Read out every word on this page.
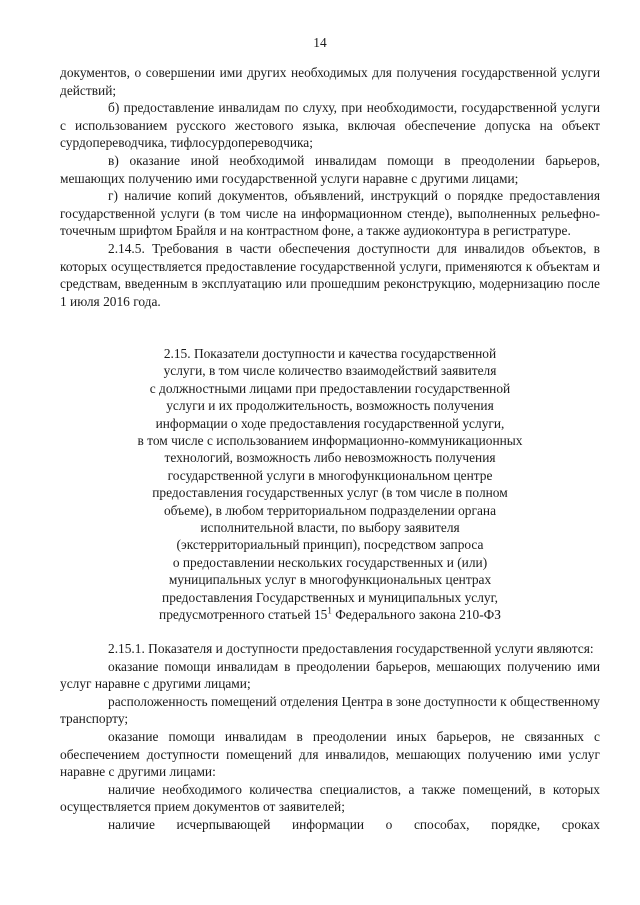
14

документов, о совершении ими других необходимых для получения государственной услуги действий;

б) предоставление инвалидам по слуху, при необходимости, государственной услуги с использованием русского жестового языка, включая обеспечение допуска на объект сурдопереводчика, тифлосурдопереводчика;

в) оказание иной необходимой инвалидам помощи в преодолении барьеров, мешающих получению ими государственной услуги наравне с другими лицами;

г) наличие копий документов, объявлений, инструкций о порядке предоставления государственной услуги (в том числе на информационном стенде), выполненных рельефно-точечным шрифтом Брайля и на контрастном фоне, а также аудиоконтура в регистратуре.

2.14.5. Требования в части обеспечения доступности для инвалидов объектов, в которых осуществляется предоставление государственной услуги, применяются к объектам и средствам, введенным в эксплуатацию или прошедшим реконструкцию, модернизацию после 1 июля 2016 года.

2.15. Показатели доступности и качества государственной
услуги, в том числе количество взаимодействий заявителя
с должностными лицами при предоставлении государственной
услуги и их продолжительность, возможность получения
информации о ходе предоставления государственной услуги,
в том числе с использованием информационно-коммуникационных
технологий, возможность либо невозможность получения
государственной услуги в многофункциональном центре
предоставления государственных услуг (в том числе в полном
объеме), в любом территориальном подразделении органа
исполнительной власти, по выбору заявителя
(экстерриториальный принцип), посредством запроса
о предоставлении нескольких государственных и (или)
муниципальных услуг в многофункциональных центрах
предоставления Государственных и муниципальных услуг,
предусмотренного статьей $15^1$ Федерального закона 210-ФЗ

2.15.1. Показателя и доступности предоставления государственной услуги являются:

оказание помощи инвалидам в преодолении барьеров, мешающих получению ими услуг наравне с другими лицами;

расположенность помещений отделения Центра в зоне доступности к общественному транспорту;

оказание помощи инвалидам в преодолении иных барьеров, не связанных с обеспечением доступности помещений для инвалидов, мешающих получению ими услуг наравне с другими лицами:

наличие необходимого количества специалистов, а также помещений, в которых осуществляется прием документов от заявителей;

наличие исчерпывающей информации о способах, порядке, сроках
